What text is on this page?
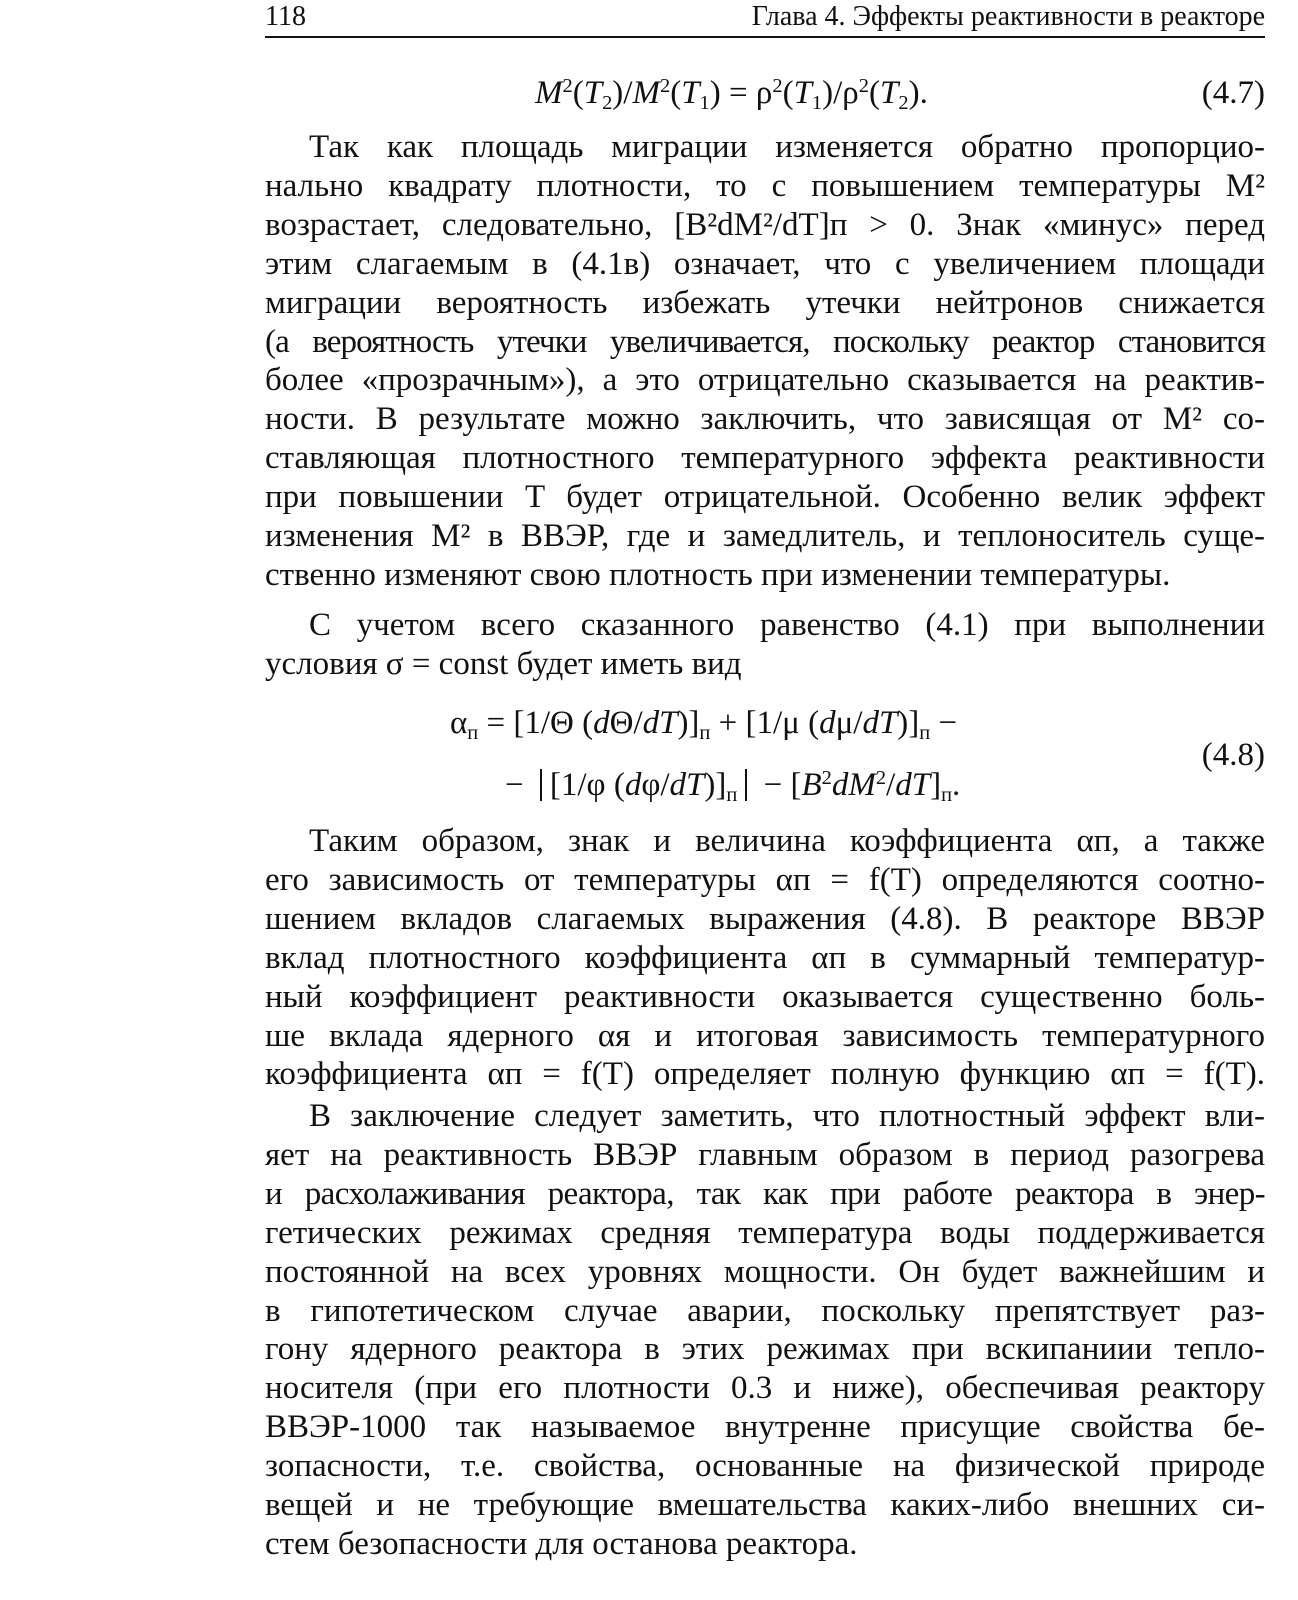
118	Глава 4. Эффекты реактивности в реакторе
$M^2(T_2)/M^2(T_1) = \rho^2(T_1)/\rho^2(T_2)$.	(4.7)
Так как площадь миграции изменяется обратно пропорцио-
нально квадрату плотности, то с повышением температуры M²
возрастает, следовательно, [B²dM²/dT]п > 0. Знак «минус» перед
этим слагаемым в (4.1в) означает, что с увеличением площади
миграции вероятность избежать утечки нейтронов снижается
(а вероятность утечки увеличивается, поскольку реактор становится
более «прозрачным»), а это отрицательно сказывается на реактив-
ности. В результате можно заключить, что зависящая от M² со-
ставляющая плотностного температурного эффекта реактивности
при повышении T будет отрицательной. Особенно велик эффект
изменения M² в ВВЭР, где и замедлитель, и теплоноситель суще-
ственно изменяют свою плотность при изменении температуры.
С учетом всего сказанного равенство (4.1) при выполнении
условия σ = const будет иметь вид
$\alpha_п = [1/\Theta$ $(d\Theta/dT)]_п + [1/\mu$ $(d\mu/dT)]_п$ −
− [1/φ $(d\varphi/dT)]_п - [B^2dM^2/dT]_п$.
(4.8)
Таким образом, знак и величина коэффициента αп, а также
его зависимость от температуры αп = f(T) определяются соотно-
шением вкладов слагаемых выражения (4.8). В реакторе ВВЭР
вклад плотностного коэффициента αп в суммарный температур-
ный коэффициент реактивности оказывается существенно боль-
ше вклада ядерного αя и итоговая зависимость температурного
коэффициента αп = f(T) определяет полную функцию αп = f(T).
В заключение следует заметить, что плотностный эффект вли-
яет на реактивность ВВЭР главным образом в период разогрева
и расхолаживания реактора, так как при работе реактора в энер-
гетических режимах средняя температура воды поддерживается
постоянной на всех уровнях мощности. Он будет важнейшим и
в гипотетическом случае аварии, поскольку препятствует раз-
гону ядерного реактора в этих режимах при вскипаниии тепло-
носителя (при его плотности 0.3 и ниже), обеспечивая реактору
ВВЭР-1000 так называемое внутренне присущие свойства бе-
зопасности, т.е. свойства, основанные на физической природе
вещей и не требующие вмешательства каких-либо внешних си-
стем безопасности для останова реактора.
